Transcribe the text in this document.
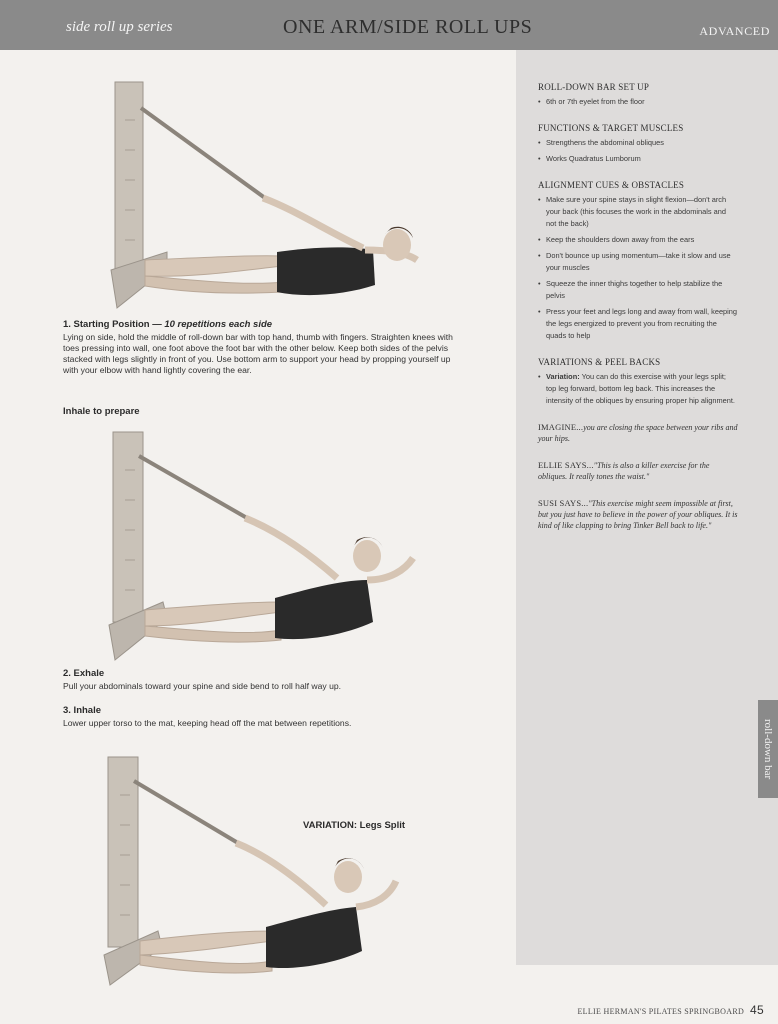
side roll up series	ONE ARM/SIDE ROLL UPS	ADVANCED
1. Starting Position — 10 repetitions each side
Lying on side, hold the middle of roll-down bar with top hand, thumb with fingers. Straighten knees with toes pressing into wall, one foot above the foot bar with the other below. Keep both sides of the pelvis stacked with legs slightly in front of you. Use bottom arm to support your head by propping yourself up with your elbow with hand lightly covering the ear.
Inhale to prepare
2. Exhale
Pull your abdominals toward your spine and side bend to roll half way up.
3. Inhale
Lower upper torso to the mat, keeping head off the mat between repetitions.
VARIATION: Legs Split
ROLL-DOWN BAR SET UP
• 6th or 7th eyelet from the floor
FUNCTIONS & TARGET MUSCLES
• Strengthens the abdominal obliques
• Works Quadratus Lumborum
ALIGNMENT CUES & OBSTACLES
• Make sure your spine stays in slight flexion—don't arch your back (this focuses the work in the abdominals and not the back)
• Keep the shoulders down away from the ears
• Don't bounce up using momentum—take it slow and use your muscles
• Squeeze the inner thighs together to help stabilize the pelvis
• Press your feet and legs long and away from wall, keeping the legs energized to prevent you from recruiting the quads to help
VARIATIONS & PEEL BACKS
• Variation: You can do this exercise with your legs split; top leg forward, bottom leg back. This increases the intensity of the obliques by ensuring proper hip alignment.
IMAGINE...you are closing the space between your ribs and your hips.
ELLIE SAYS..."This is also a killer exercise for the obliques. It really tones the waist."
SUSI SAYS..."This exercise might seem impossible at first, but you just have to believe in the power of your obliques. It is kind of like clapping to bring Tinker Bell back to life."
roll-down bar
ELLIE HERMAN'S PILATES SPRINGBOARD 45
